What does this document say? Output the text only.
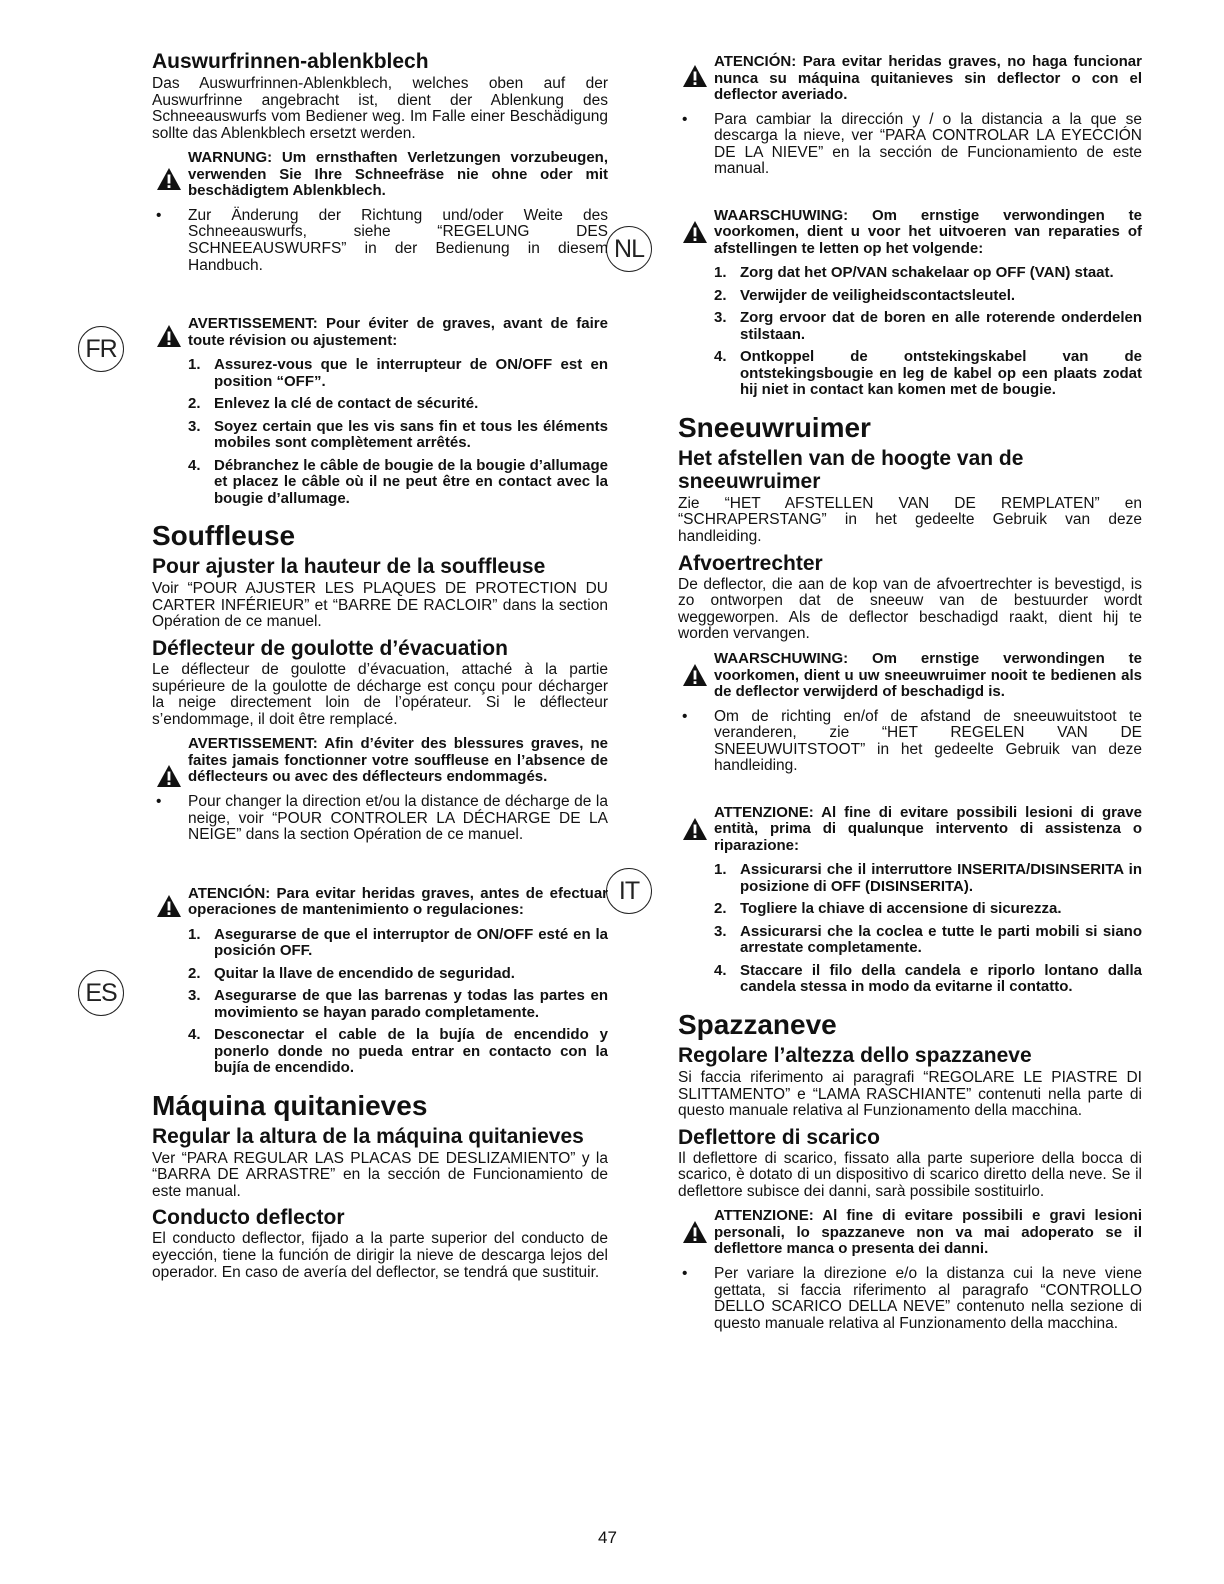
FR
ES
NL
IT

Auswurfrinnen-ablenkblech

Das Auswurfrinnen-Ablenkblech, welches oben auf der Auswurfrinne angebracht ist, dient der Ablenkung des Schneeauswurfs vom Bediener weg. Im Falle einer Beschädigung sollte das Ablenkblech ersetzt werden.

WARNUNG: Um ernsthaften Verletzungen vorzubeugen, verwenden Sie Ihre Schneefräse nie ohne oder mit beschädigtem Ablenkblech.
• Zur Änderung der Richtung und/oder Weite des Schneeauswurfs, siehe “REGELUNG DES SCHNEEAUSWURFS” in der Bedienung in diesem Handbuch.
AVERTISSEMENT: Pour éviter de graves, avant de faire toute révision ou ajustement:
1. Assurez-vous que le interrupteur de ON/OFF est en position “OFF”.
2. Enlevez la clé de contact de sécurité.
3. Soyez certain que les vis sans fin et tous les éléments mobiles sont complètement arrêtés.
4. Débranchez le câble de bougie de la bougie d’allumage et placez le câble où il ne peut être en contact avec la bougie d’allumage.

Souffleuse

Pour ajuster la hauteur de la souffleuse

Voir “POUR AJUSTER LES PLAQUES DE PROTECTION DU CARTER INFÉRIEUR” et “BARRE DE RACLOIR” dans la section Opération de ce manuel.

Déflecteur de goulotte d’évacuation

Le déflecteur de goulotte d’évacuation, attaché à la partie supérieure de la goulotte de décharge est conçu pour décharger la neige directement loin de l’opérateur. Si le déflecteur s’endommage, il doit être remplacé.

AVERTISSEMENT: Afin d’éviter des blessures graves, ne faites jamais fonctionner votre souffleuse en l’absence de déflecteurs ou avec des déflecteurs endommagés.
• Pour changer la direction et/ou la distance de décharge de la neige, voir “POUR CONTROLER LA DÉCHARGE DE LA NEIGE” dans la section Opération de ce manuel.
ATENCIÓN: Para evitar heridas graves, antes de efectuar operaciones de mantenimiento o regulaciones:
1. Asegurarse de que el interruptor de ON/OFF esté en la posición OFF.
2. Quitar la llave de encendido de seguridad.
3. Asegurarse de que las barrenas y todas las partes en movimiento se hayan parado completamente.
4. Desconectar el cable de la bujía de encendido y ponerlo donde no pueda entrar en contacto con la bujía de encendido.

Máquina quitanieves

Regular la altura de la máquina quitanieves

Ver “PARA REGULAR LAS PLACAS DE DESLIZAMIENTO” y la “BARRA DE ARRASTRE” en la sección de Funcionamiento de este manual.

Conducto deflector

El conducto deflector, fijado a la parte superior del conducto de eyección, tiene la función de dirigir la nieve de descarga lejos del operador. En caso de avería del deflector, se tendrá que sustituir.

ATENCIÓN: Para evitar heridas graves, no haga funcionar nunca su máquina quitanieves sin deflector o con el deflector averiado.
• Para cambiar la dirección y / o la distancia a la que se descarga la nieve, ver “PARA CONTROLAR LA EYECCIÓN DE LA NIEVE” en la sección de Funcionamiento de este manual.
WAARSCHUWING: Om ernstige verwondingen te voorkomen, dient u voor het uitvoeren van reparaties of afstellingen te letten op het volgende:
1. Zorg dat het OP/VAN schakelaar op OFF (VAN) staat.
2. Verwijder de veiligheidscontactsleutel.
3. Zorg ervoor dat de boren en alle roterende onderdelen stilstaan.
4. Ontkoppel de ontstekingskabel van de ontstekingsbougie en leg de kabel op een plaats zodat hij niet in contact kan komen met de bougie.

Sneeuwruimer

Het afstellen van de hoogte van de sneeuwruimer

Zie “HET AFSTELLEN VAN DE REMPLATEN” en “SCHRAPERSTANG” in het gedeelte Gebruik van deze handleiding.

Afvoertrechter

De deflector, die aan de kop van de afvoertrechter is bevestigd, is zo ontworpen dat de sneeuw van de bestuurder wordt weggeworpen. Als de deflector beschadigd raakt, dient hij te worden vervangen.

WAARSCHUWING: Om ernstige verwondingen te voorkomen, dient u uw sneeuwruimer nooit te bedienen als de deflector verwijderd of beschadigd is.
• Om de richting en/of de afstand de sneeuwuitstoot te veranderen, zie “HET REGELEN VAN DE SNEEUWUITSTOOT” in het gedeelte Gebruik van deze handleiding.
ATTENZIONE: Al fine di evitare possibili lesioni di grave entità, prima di qualunque intervento di assistenza o riparazione:
1. Assicurarsi che il interruttore INSERITA/DISINSERITA in posizione di OFF (DISINSERITA).
2. Togliere la chiave di accensione di sicurezza.
3. Assicurarsi che la coclea e tutte le parti mobili si siano arrestate completamente.
4. Staccare il filo della candela e riporlo lontano dalla candela stessa in modo da evitarne il contatto.

Spazzaneve

Regolare l’altezza dello spazzaneve

Si faccia riferimento ai paragrafi “REGOLARE LE PIASTRE DI SLITTAMENTO” e “LAMA RASCHIANTE” contenuti nella parte di questo manuale relativa al Funzionamento della macchina.

Deflettore di scarico

Il deflettore di scarico, fissato alla parte superiore della bocca di scarico, è dotato di un dispositivo di scarico diretto della neve. Se il deflettore subisce dei danni, sarà possibile sostituirlo.

ATTENZIONE: Al fine di evitare possibili e gravi lesioni personali, lo spazzaneve non va mai adoperato se il deflettore manca o presenta dei danni.
• Per variare la direzione e/o la distanza cui la neve viene gettata, si faccia riferimento al paragrafo “CONTROLLO DELLO SCARICO DELLA NEVE” contenuto nella sezione di questo manuale relativa al Funzionamento della macchina.
47
